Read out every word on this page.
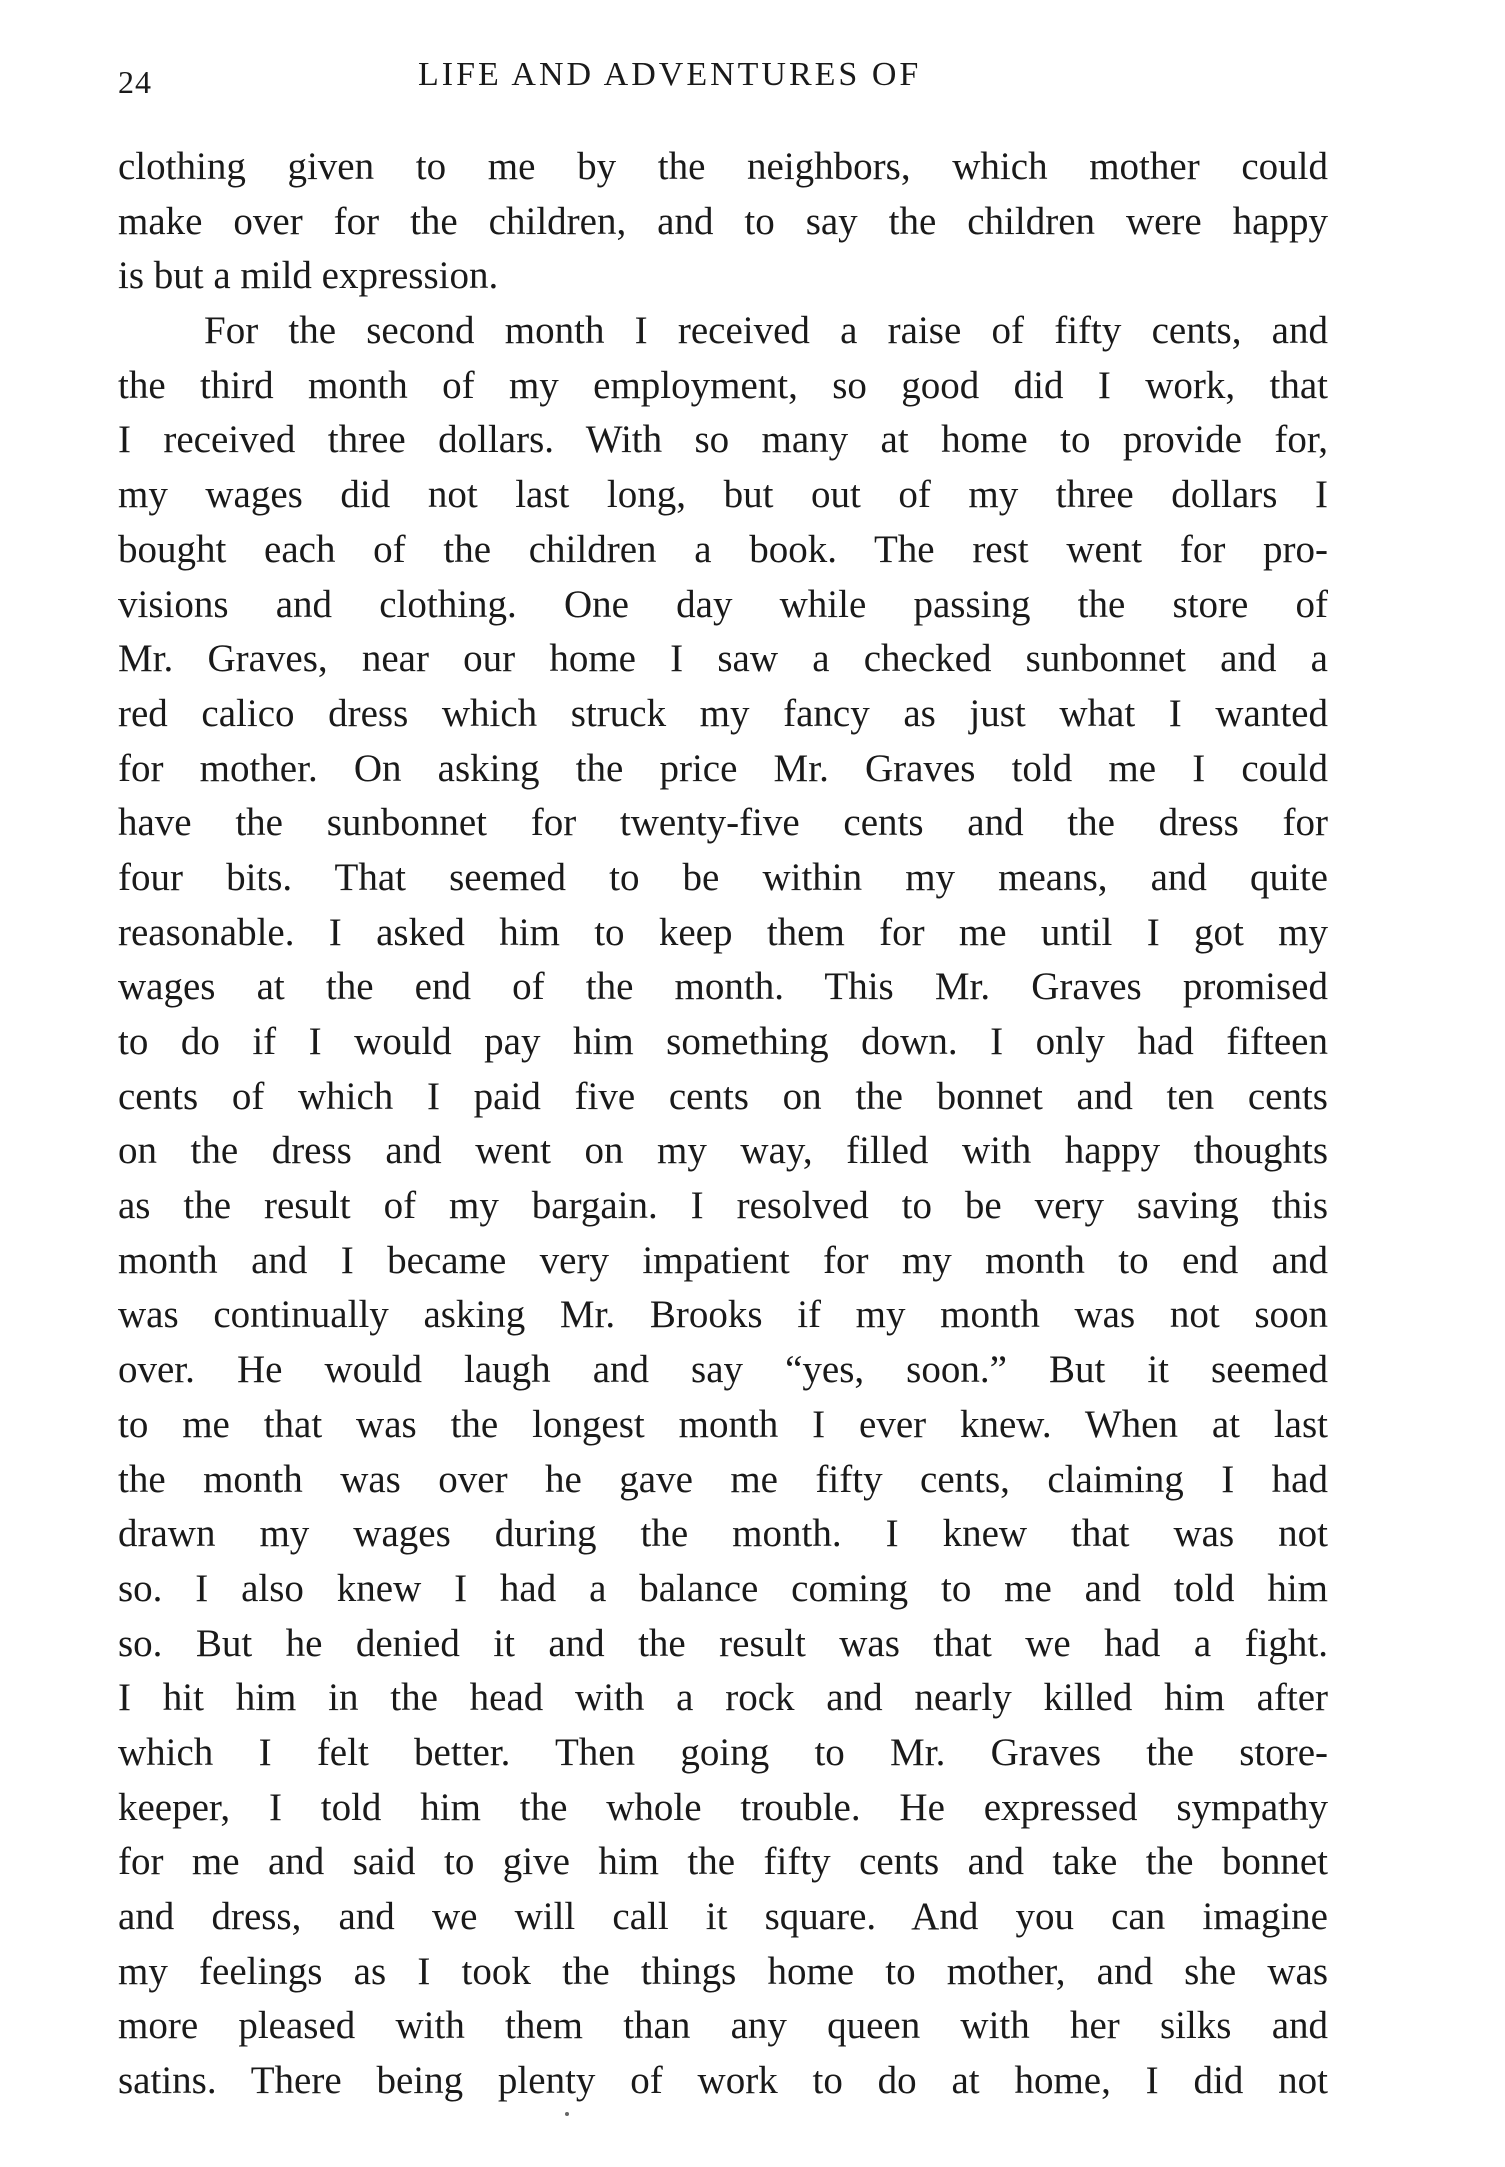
24	LIFE AND ADVENTURES OF
clothing given to me by the neighbors, which mother could
make over for the children, and to say the children were happy
is but a mild expression.
For the second month I received a raise of fifty cents, and
the third month of my employment, so good did I work, that
I received three dollars. With so many at home to provide for,
my wages did not last long, but out of my three dollars I
bought each of the children a book. The rest went for pro-
visions and clothing. One day while passing the store of
Mr. Graves, near our home I saw a checked sunbonnet and a
red calico dress which struck my fancy as just what I wanted
for mother. On asking the price Mr. Graves told me I could
have the sunbonnet for twenty-five cents and the dress for
four bits. That seemed to be within my means, and quite
reasonable. I asked him to keep them for me until I got my
wages at the end of the month. This Mr. Graves promised
to do if I would pay him something down. I only had fifteen
cents of which I paid five cents on the bonnet and ten cents
on the dress and went on my way, filled with happy thoughts
as the result of my bargain. I resolved to be very saving this
month and I became very impatient for my month to end and
was continually asking Mr. Brooks if my month was not soon
over. He would laugh and say “yes, soon.” But it seemed
to me that was the longest month I ever knew. When at last
the month was over he gave me fifty cents, claiming I had
drawn my wages during the month. I knew that was not
so. I also knew I had a balance coming to me and told him
so. But he denied it and the result was that we had a fight.
I hit him in the head with a rock and nearly killed him after
which I felt better. Then going to Mr. Graves the store-
keeper, I told him the whole trouble. He expressed sympathy
for me and said to give him the fifty cents and take the bonnet
and dress, and we will call it square. And you can imagine
my feelings as I took the things home to mother, and she was
more pleased with them than any queen with her silks and
satins. There being plenty of work to do at home, I did not
